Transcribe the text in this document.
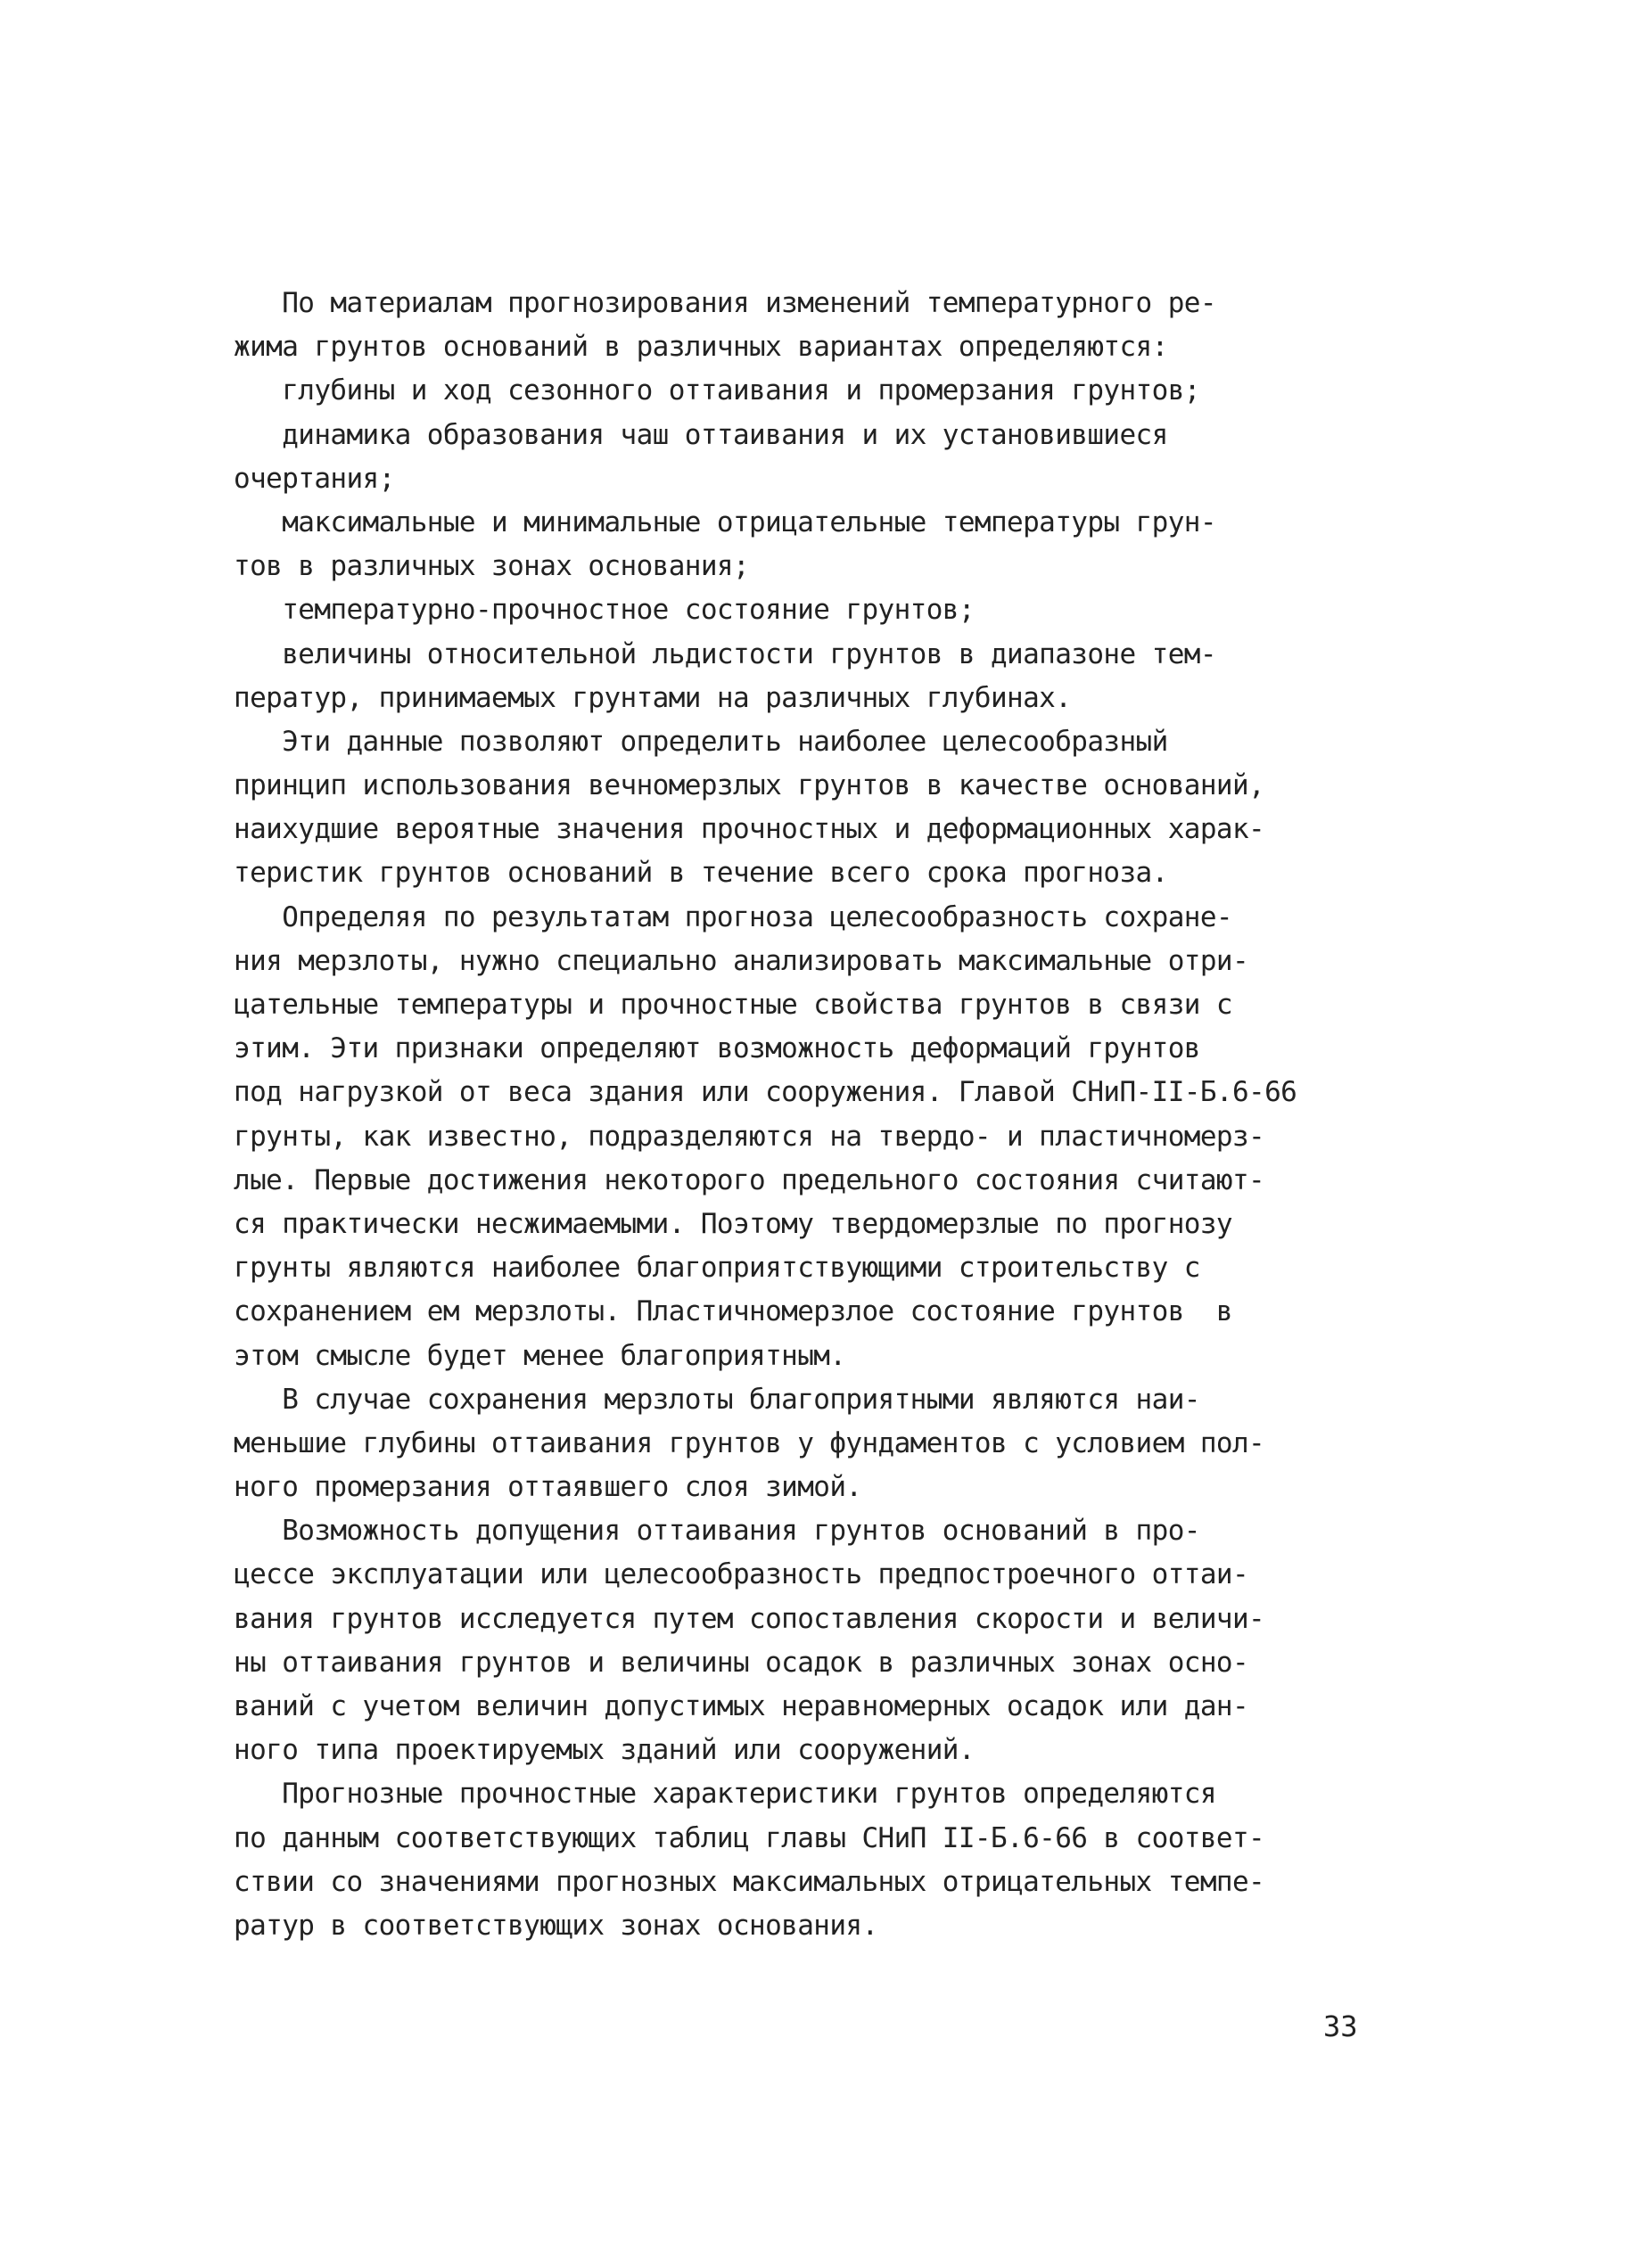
По материалам прогнозирования изменений температурного ре-
жима грунтов оснований в различных вариантах определяются:
глубины и ход сезонного оттаивания и промерзания грунтов;
динамика образования чаш оттаивания и их установившиеся
очертания;
максимальные и минимальные отрицательные температуры грун-
тов в различных зонах основания;
температурно-прочностное состояние грунтов;
величины относительной льдистости грунтов в диапазоне тем-
ператур, принимаемых грунтами на различных глубинах.
Эти данные позволяют определить наиболее целесообразный
принцип использования вечномерзлых грунтов в качестве оснований,
наихудшие вероятные значения прочностных и деформационных харак-
теристик грунтов оснований в течение всего срока прогноза.
Определяя по результатам прогноза целесообразность сохране-
ния мерзлоты, нужно специально анализировать максимальные отри-
цательные температуры и прочностные свойства грунтов в связи с
этим. Эти признаки определяют возможность деформаций грунтов
под нагрузкой от веса здания или сооружения. Главой СНиП-II-Б.6-66
грунты, как известно, подразделяются на твердо- и пластичномерз-
лые. Первые достижения некоторого предельного состояния считают-
ся практически несжимаемыми. Поэтому твердомерзлые по прогнозу
грунты являются наиболее благоприятствующими строительству с
сохранением ем мерзлоты. Пластичномерзлое состояние грунтов  в
этом смысле будет менее благоприятным.
В случае сохранения мерзлоты благоприятными являются наи-
меньшие глубины оттаивания грунтов у фундаментов с условием пол-
ного промерзания оттаявшего слоя зимой.
Возможность допущения оттаивания грунтов оснований в про-
цессе эксплуатации или целесообразность предпостроечного оттаи-
вания грунтов исследуется путем сопоставления скорости и величи-
ны оттаивания грунтов и величины осадок в различных зонах осно-
ваний с учетом величин допустимых неравномерных осадок или дан-
ного типа проектируемых зданий или сооружений.
Прогнозные прочностные характеристики грунтов определяются
по данным соответствующих таблиц главы СНиП II-Б.6-66 в соответ-
ствии со значениями прогнозных максимальных отрицательных темпе-
ратур в соответствующих зонах основания.
33
